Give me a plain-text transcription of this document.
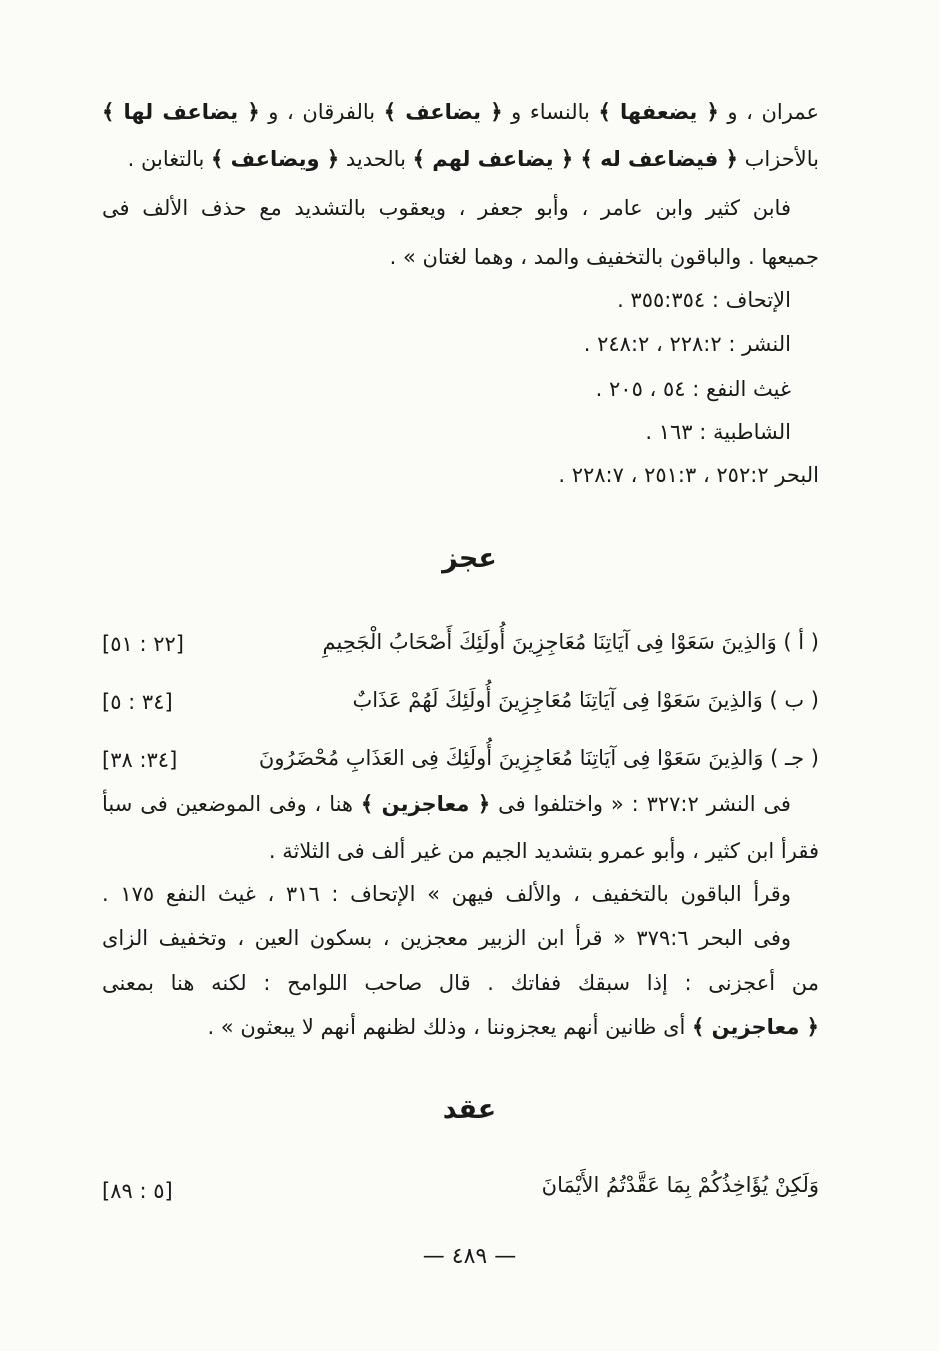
عمران ، و ﴿ يضعفها ﴾ بالنساء و ﴿ يضاعف ﴾ بالفرقان ، و ﴿ يضاعف لها ﴾
بالأحزاب ﴿ فيضاعف له ﴾ ﴿ يضاعف لهم ﴾ بالحديد ﴿ ويضاعف ﴾ بالتغابن .
فابن كثير وابن عامر ، وأبو جعفر ، ويعقوب بالتشديد مع حذف الألف فى
جميعها . والباقون بالتخفيف والمد ، وهما لغتان » .
الإتحاف : ٣٥٥:٣٥٤ .
النشر : ٢٢٨:٢ ، ٢٤٨:٢ .
غيث النفع : ٥٤ ، ٢٠٥ .
الشاطبية : ١٦٣ .
البحر ٢٥٢:٢ ، ٢٥١:٣ ، ٢٢٨:٧ .
عجز
( أ ) وَالذِينَ سَعَوْا فِى آيَاتِنَا مُعَاجِزِينَ أُولَئِكَ أَصْحَابُ الْجَحِيمِ
[٢٢ : ٥١]
( ب ) وَالذِينَ سَعَوْا فِى آيَاتِنَا مُعَاجِزِينَ أُولَئِكَ لَهُمْ عَذَابٌ
[٣٤ : ٥]
( جـ ) وَالذِينَ سَعَوْا فِى آيَاتِنَا مُعَاجِزِينَ أُولَئِكَ فِى العَذَابِ مُحْضَرُونَ
[٣٤: ٣٨]
فى النشر ٣٢٧:٢ : « واختلفوا فى ﴿ معاجزين ﴾ هنا ، وفى الموضعين فى سبأ
فقرأ ابن كثير ، وأبو عمرو بتشديد الجيم من غير ألف فى الثلاثة .
وقرأ الباقون بالتخفيف ، والألف فيهن » الإتحاف : ٣١٦ ، غيث النفع ١٧٥ .
وفى البحر ٣٧٩:٦ « قرأ ابن الزبير معجزين ، بسكون العين ، وتخفيف الزاى
من أعجزنى : إذا سبقك ففاتك . قال صاحب اللوامح : لكنه هنا بمعنى
﴿ معاجزين ﴾ أى ظانين أنهم يعجزوننا ، وذلك لظنهم أنهم لا يبعثون » .
عقد
وَلَكِنْ يُؤَاخِذُكُمْ بِمَا عَقَّدْتُمُ الأَيْمَانَ
[٥ : ٨٩]
— ٤٨٩ —
